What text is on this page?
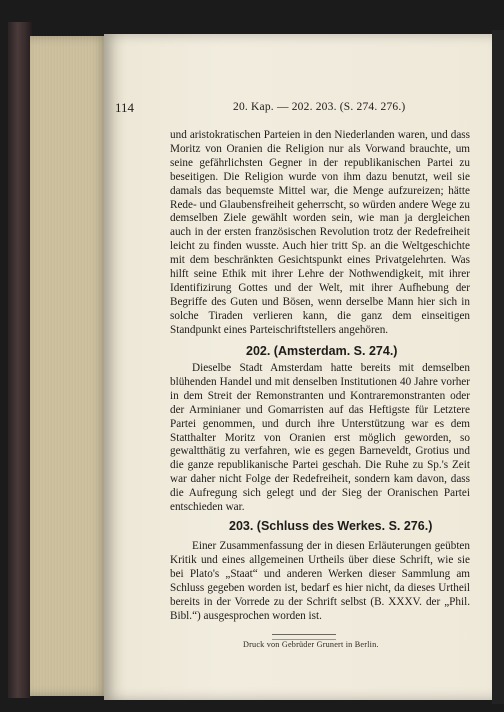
114	20. Kap. — 202. 203. (S. 274. 276.)
und aristokratischen Parteien in den Niederlanden waren, und dass Moritz von Oranien die Religion nur als Vorwand brauchte, um seine gefährlichsten Gegner in der republikanischen Partei zu beseitigen. Die Religion wurde von ihm dazu benutzt, weil sie damals das bequemste Mittel war, die Menge aufzureizen; hätte Rede- und Glaubensfreiheit geherrscht, so würden andere Wege zu demselben Ziele gewählt worden sein, wie man ja dergleichen auch in der ersten französischen Revolution trotz der Redefreiheit leicht zu finden wusste. Auch hier tritt Sp. an die Weltgeschichte mit dem beschränkten Gesichtspunkt eines Privatgelehrten. Was hilft seine Ethik mit ihrer Lehre der Nothwendigkeit, mit ihrer Identifizirung Gottes und der Welt, mit ihrer Aufhebung der Begriffe des Guten und Bösen, wenn derselbe Mann hier sich in solche Tiraden verlieren kann, die ganz dem einseitigen Standpunkt eines Parteischriftstellers angehören.
202. (Amsterdam. S. 274.)
Dieselbe Stadt Amsterdam hatte bereits mit demselben blühenden Handel und mit denselben Institutionen 40 Jahre vorher in dem Streit der Remonstranten und Kontraremonstranten oder der Arminianer und Gomarristen auf das Heftigste für Letztere Partei genommen, und durch ihre Unterstützung war es dem Statthalter Moritz von Oranien erst möglich geworden, so gewaltthätig zu verfahren, wie es gegen Barneveldt, Grotius und die ganze republikanische Partei geschah. Die Ruhe zu Sp.'s Zeit war daher nicht Folge der Redefreiheit, sondern kam davon, dass die Aufregung sich gelegt und der Sieg der Oranischen Partei entschieden war.
203. (Schluss des Werkes. S. 276.)
Einer Zusammenfassung der in diesen Erläuterungen geübten Kritik und eines allgemeinen Urtheils über diese Schrift, wie sie bei Plato's „Staat“ und anderen Werken dieser Sammlung am Schluss gegeben worden ist, bedarf es hier nicht, da dieses Urtheil bereits in der Vorrede zu der Schrift selbst (B. XXXV. der „Phil. Bibl.“) ausgesprochen worden ist.
Druck von Gebrüder Grunert in Berlin.
